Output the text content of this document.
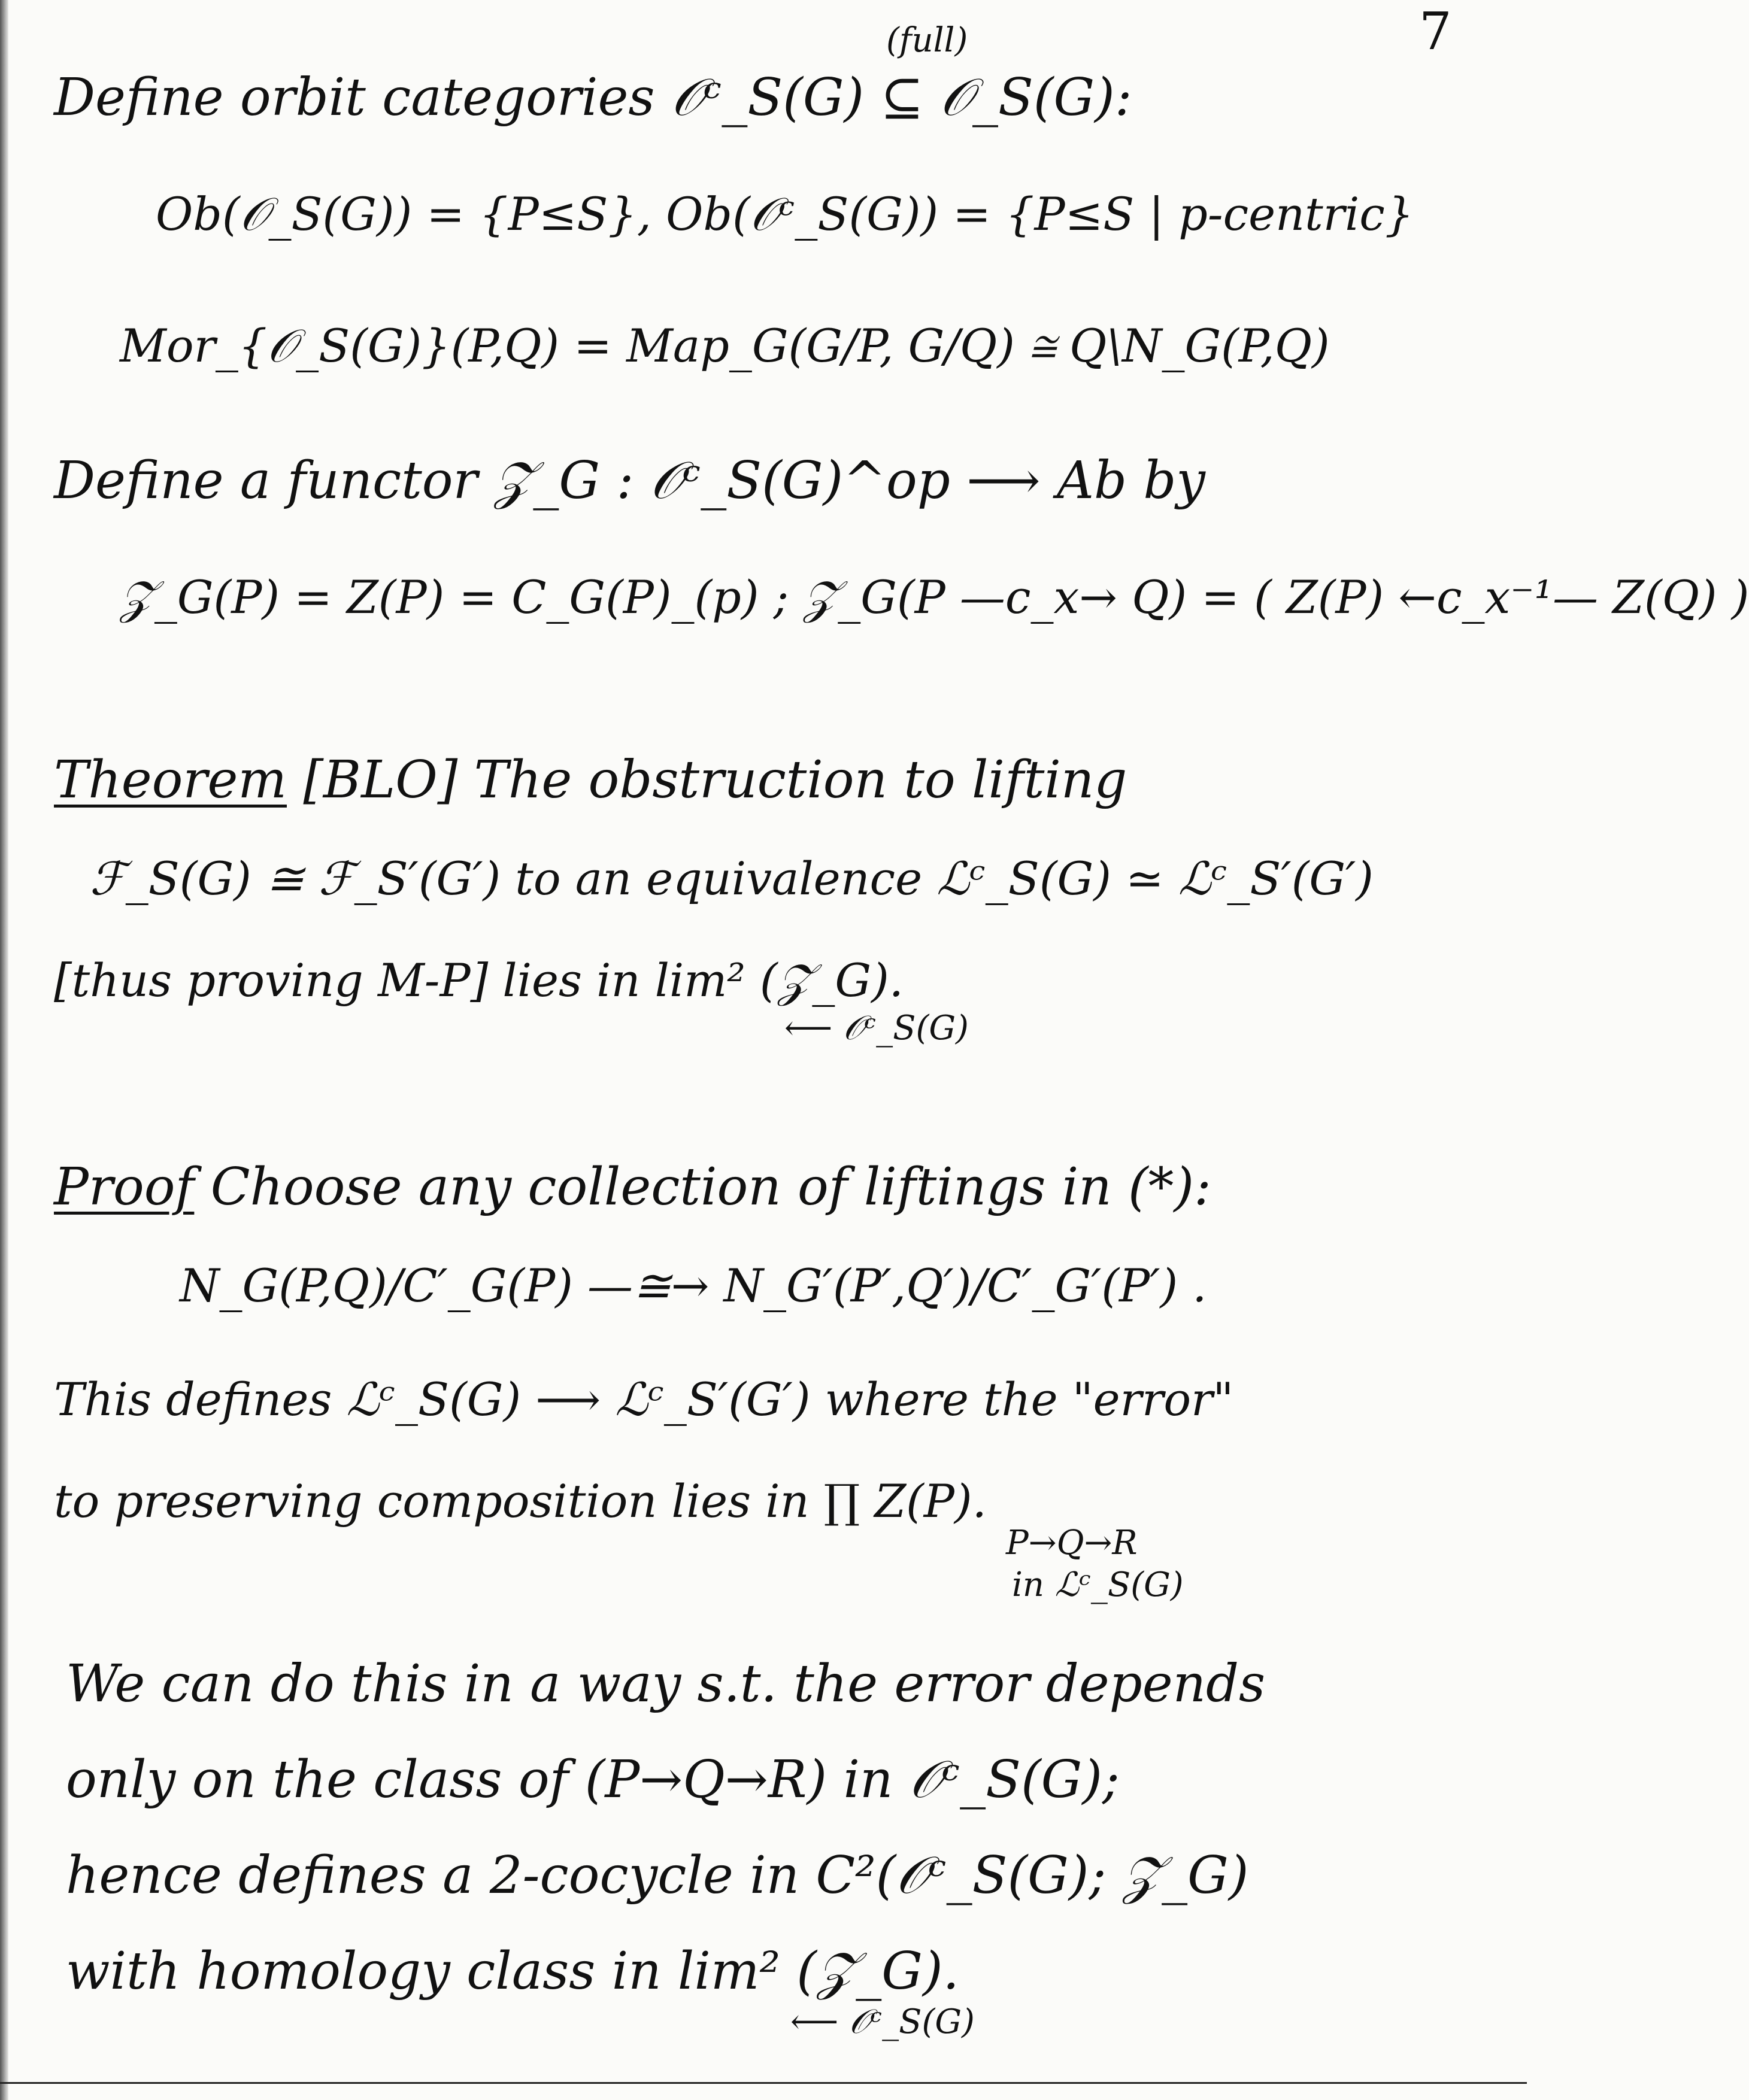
(full)	7
Define orbit categories 𝒪ᶜ_S(G) ⊆ 𝒪_S(G):
Ob(𝒪_S(G)) = {P≤S}, Ob(𝒪ᶜ_S(G)) = {P≤S | p-centric}
Mor_{𝒪_S(G)}(P,Q) = Map_G(G/P, G/Q) ≅ Q\N_G(P,Q)
Define a functor 𝒵_G : 𝒪ᶜ_S(G)^op ⟶ Ab by
𝒵_G(P) = Z(P) = C_G(P)_(p) ; 𝒵_G(P —c_x→ Q) = ( Z(P) ←c_x⁻¹— Z(Q) )
Theorem [BLO] The obstruction to lifting
ℱ_S(G) ≅ ℱ_S′(G′) to an equivalence ℒᶜ_S(G) ≃ ℒᶜ_S′(G′)
[thus proving M-P] lies in lim² (𝒵_G).
⟵ 𝒪ᶜ_S(G)
Proof Choose any collection of liftings in (*):
N_G(P,Q)/C′_G(P) —≅→ N_G′(P′,Q′)/C′_G′(P′) .
This defines ℒᶜ_S(G) ⟶ ℒᶜ_S′(G′) where the "error"
to preserving composition lies in ∏ Z(P).
P→Q→R
in ℒᶜ_S(G)
We can do this in a way s.t. the error depends
only on the class of (P→Q→R) in 𝒪ᶜ_S(G);
hence defines a 2-cocycle in C²(𝒪ᶜ_S(G); 𝒵_G)
with homology class in lim² (𝒵_G).
⟵ 𝒪ᶜ_S(G)
